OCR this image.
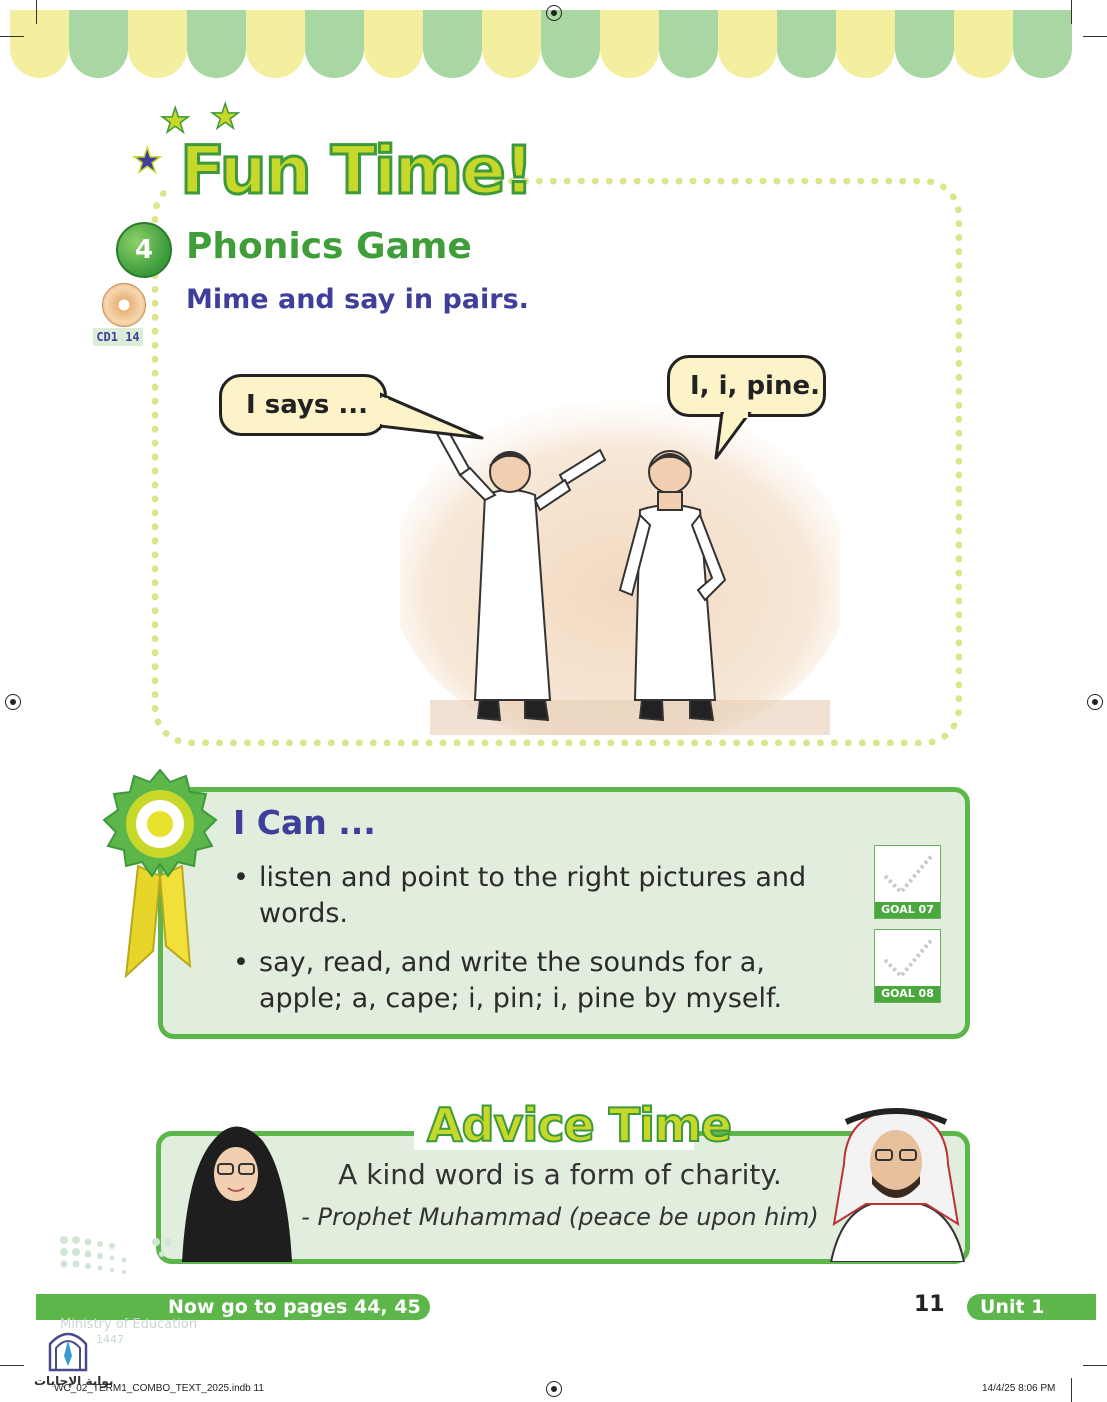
★ ★
★ Fun Time!
4 Phonics Game
Mime and say in pairs.
CD1 14
I says ...
I, i, pine.
I Can ...
• listen and point to the right pictures and words.
• say, read, and write the sounds for a, apple; a, cape; i, pin; i, pine by myself.
GOAL 07
GOAL 08
Advice Time
A kind word is a form of charity.
- Prophet Muhammad (peace be upon him)
Now go to pages 44, 45	11 Unit 1
Ministry of Education
1447
بوابة الإجابات
WC_02_TERM1_COMBO_TEXT_2025.indb 11	14/4/25 8:06 PM
